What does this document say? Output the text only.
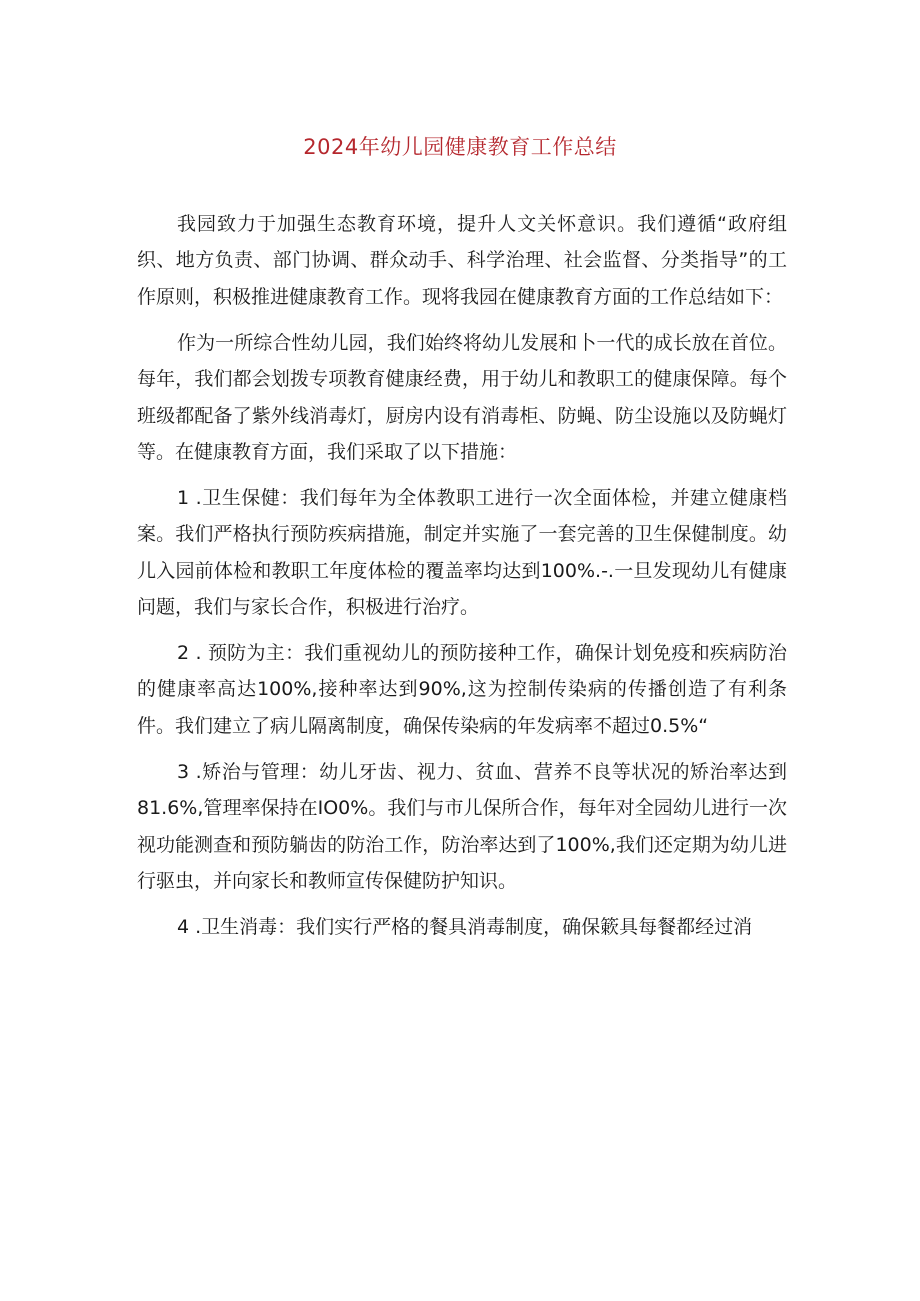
2024年幼儿园健康教育工作总结

我园致力于加强生态教育环境，提升人文关怀意识。我们遵循“政府组织、地方负责、部门协调、群众动手、科学治理、社会监督、分类指导”的工作原则，积极推进健康教育工作。现将我园在健康教育方面的工作总结如下：

作为一所综合性幼儿园，我们始终将幼儿发展和卜一代的成长放在首位。每年，我们都会划拨专项教育健康经费，用于幼儿和教职工的健康保障。每个班级都配备了紫外线消毒灯，厨房内设有消毒柜、防蝇、防尘设施以及防蝇灯等。在健康教育方面，我们采取了以下措施：

1 .卫生保健：我们每年为全体教职工进行一次全面体检，并建立健康档案。我们严格执行预防疾病措施，制定并实施了一套完善的卫生保健制度。幼儿入园前体检和教职工年度体检的覆盖率均达到100%.-.一旦发现幼儿有健康问题，我们与家长合作，积极进行治疗。

2 . 预防为主：我们重视幼儿的预防接种工作，确保计划免疫和疾病防治的健康率高达100%,接种率达到90%,这为控制传染病的传播创造了有利条件。我们建立了病儿隔离制度，确保传染病的年发病率不超过0.5%“

3 .矫治与管理：幼儿牙齿、视力、贫血、营养不良等状况的矫治率达到81.6%,管理率保持在IO0%。我们与市儿保所合作，每年对全园幼儿进行一次视功能测查和预防躺齿的防治工作，防治率达到了100%,我们还定期为幼儿进行驱虫，并向家长和教师宣传保健防护知识。

4 .卫生消毒：我们实行严格的餐具消毒制度，确保簌具每餐都经过消
